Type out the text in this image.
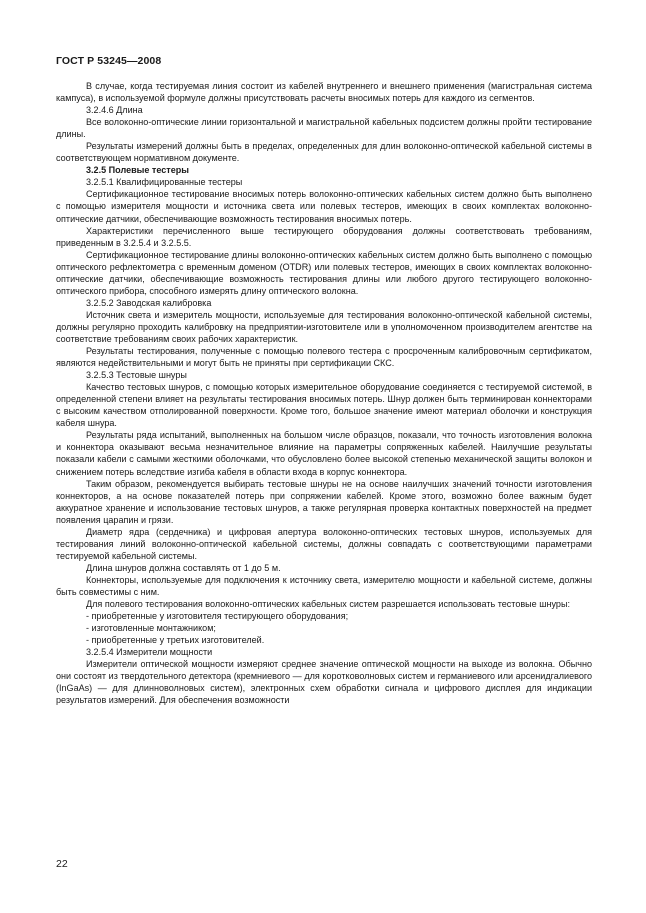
ГОСТ Р 53245—2008

В случае, когда тестируемая линия состоит из кабелей внутреннего и внешнего применения (магистральная система кампуса), в используемой формуле должны присутствовать расчеты вносимых потерь для каждого из сегментов.

3.2.4.6 Длина

Все волоконно-оптические линии горизонтальной и магистральной кабельных подсистем должны пройти тестирование длины.

Результаты измерений должны быть в пределах, определенных для длин волоконно-оптической кабельной системы в соответствующем нормативном документе.

3.2.5 Полевые тестеры

3.2.5.1 Квалифицированные тестеры

Сертификационное тестирование вносимых потерь волоконно-оптических кабельных систем должно быть выполнено с помощью измерителя мощности и источника света или полевых тестеров, имеющих в своих комплектах волоконно-оптические датчики, обеспечивающие возможность тестирования вносимых потерь.

Характеристики перечисленного выше тестирующего оборудования должны соответствовать требованиям, приведенным в 3.2.5.4 и 3.2.5.5.

Сертификационное тестирование длины волоконно-оптических кабельных систем должно быть выполнено с помощью оптического рефлектометра с временным доменом (OTDR) или полевых тестеров, имеющих в своих комплектах волоконно-оптические датчики, обеспечивающие возможность тестирования длины или любого другого тестирующего волоконно-оптического прибора, способного измерять длину оптического волокна.

3.2.5.2 Заводская калибровка

Источник света и измеритель мощности, используемые для тестирования волоконно-оптической кабельной системы, должны регулярно проходить калибровку на предприятии-изготовителе или в уполномоченном производителем агентстве на соответствие требованиям своих рабочих характеристик.

Результаты тестирования, полученные с помощью полевого тестера с просроченным калибровочным сертификатом, являются недействительными и могут быть не приняты при сертификации СКС.

3.2.5.3 Тестовые шнуры

Качество тестовых шнуров, с помощью которых измерительное оборудование соединяется с тестируемой системой, в определенной степени влияет на результаты тестирования вносимых потерь. Шнур должен быть терминирован коннекторами с высоким качеством отполированной поверхности. Кроме того, большое значение имеют материал оболочки и конструкция кабеля шнура.

Результаты ряда испытаний, выполненных на большом числе образцов, показали, что точность изготовления волокна и коннектора оказывают весьма незначительное влияние на параметры сопряженных кабелей. Наилучшие результаты показали кабели с самыми жесткими оболочками, что обусловлено более высокой степенью механической защиты волокон и снижением потерь вследствие изгиба кабеля в области входа в корпус коннектора.

Таким образом, рекомендуется выбирать тестовые шнуры не на основе наилучших значений точности изготовления коннекторов, а на основе показателей потерь при сопряжении кабелей. Кроме этого, возможно более важным будет аккуратное хранение и использование тестовых шнуров, а также регулярная проверка контактных поверхностей на предмет появления царапин и грязи.

Диаметр ядра (сердечника) и цифровая апертура волоконно-оптических тестовых шнуров, используемых для тестирования линий волоконно-оптической кабельной системы, должны совпадать с соответствующими параметрами тестируемой кабельной системы.

Длина шнуров должна составлять от 1 до 5 м.

Коннекторы, используемые для подключения к источнику света, измерителю мощности и кабельной системе, должны быть совместимы с ним.

Для полевого тестирования волоконно-оптических кабельных систем разрешается использовать тестовые шнуры:

- приобретенные у изготовителя тестирующего оборудования;

- изготовленные монтажником;

- приобретенные у третьих изготовителей.

3.2.5.4 Измерители мощности

Измерители оптической мощности измеряют среднее значение оптической мощности на выходе из волокна. Обычно они состоят из твердотельного детектора (кремниевого — для коротковолновых систем и германиевого или арсенидгалиевого (InGaAs) — для длинноволновых систем), электронных схем обработки сигнала и цифрового дисплея для индикации результатов измерений. Для обеспечения возможности

22
